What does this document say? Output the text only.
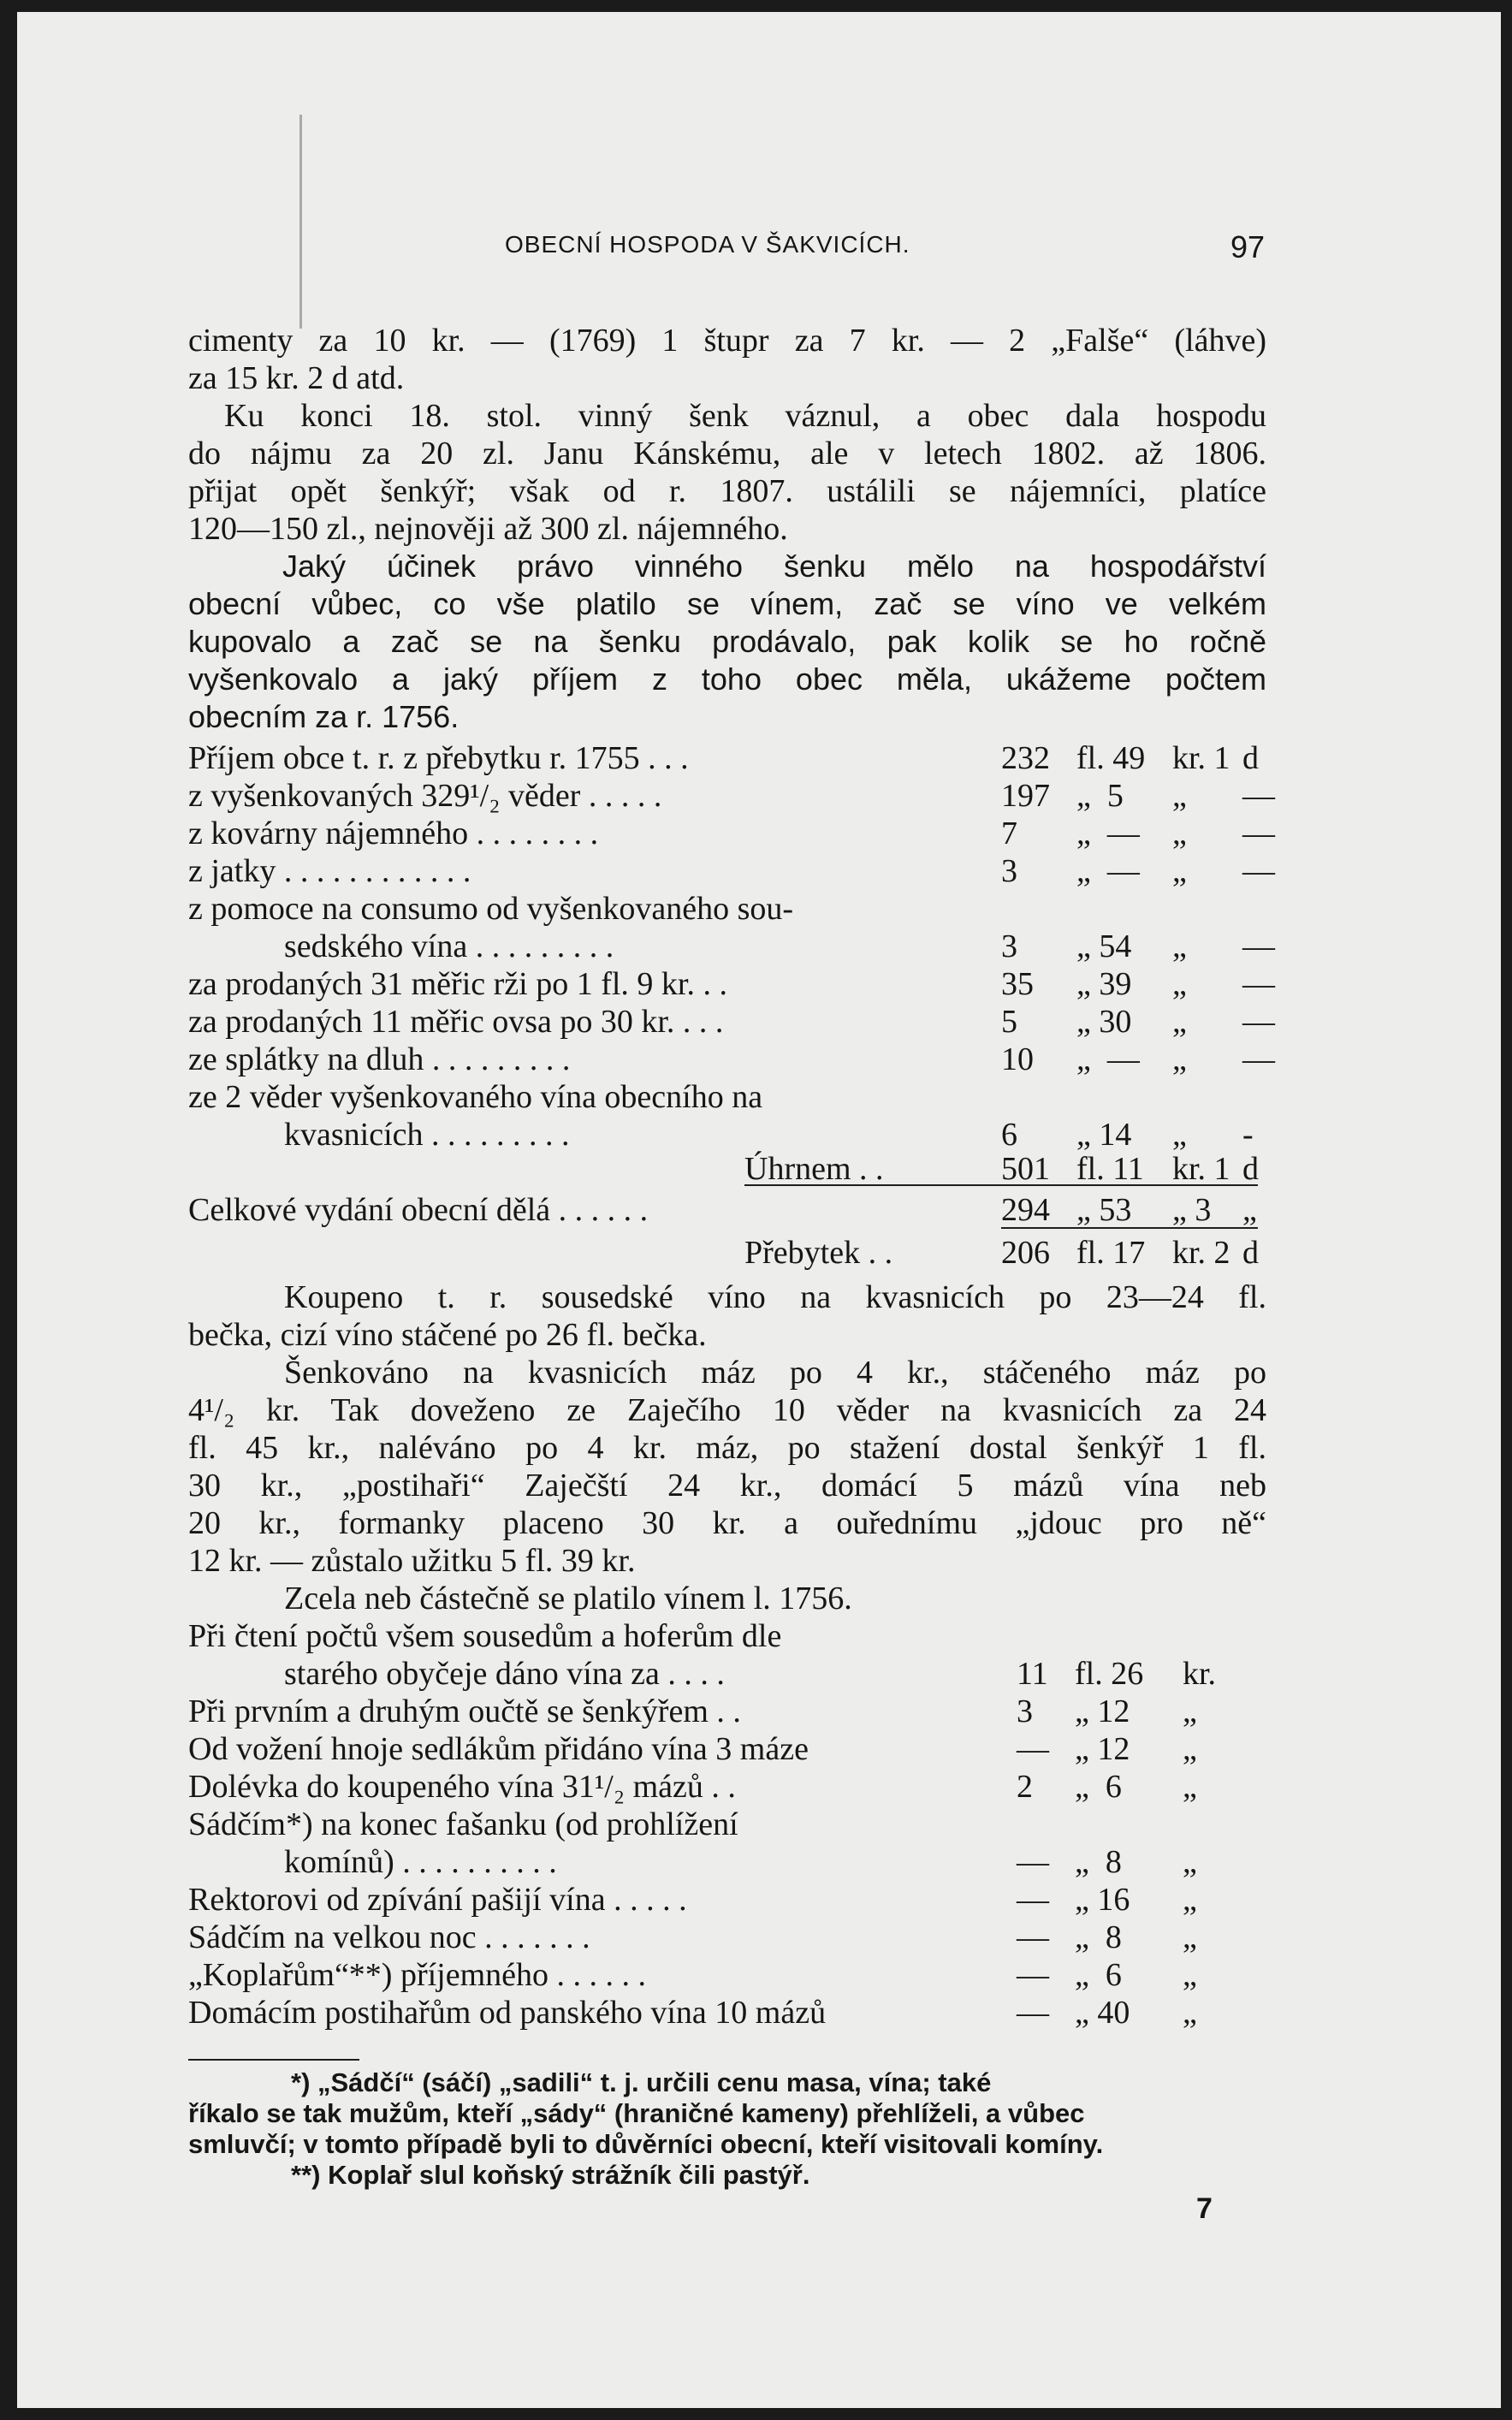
OBECNÍ HOSPODA V ŠAKVICÍCH.	97
cimenty za 10 kr. — (1769) 1 štupr za 7 kr. — 2 „Falše“ (láhve)
za 15 kr. 2 d atd.
Ku konci 18. stol. vinný šenk váznul, a obec dala hospodu
do nájmu za 20 zl. Janu Kánskému, ale v letech 1802. až 1806.
přijat opět šenkýř; však od r. 1807. ustálili se nájemníci, platíce
120—150 zl., nejnověji až 300 zl. nájemného.
Jaký účinek právo vinného šenku mělo na hospodářství
obecní vůbec, co vše platilo se vínem, zač se víno ve velkém
kupovalo a zač se na šenku prodávalo, pak kolik se ho ročně
vyšenkovalo a jaký příjem z toho obec měla, ukážeme počtem
obecním za r. 1756.
Příjem obce t. r. z přebytku r. 1755 . . .	232 fl. 49 kr. 1 d
z vyšenkovaných 329¹/₂ věder . . . . .	197 „  5 „ —
z kovárny nájemného . . . . . . . .	7 „  — „ —
z jatky . . . . . . . . . . . .	3 „  — „ —
z pomoce na consumo od vyšenkovaného sou-
sedského vína . . . . . . . . .	3 „ 54 „ —
za prodaných 31 měřic rži po 1 fl. 9 kr. . .	35 „ 39 „ —
za prodaných 11 měřic ovsa po 30 kr. . . .	5 „ 30 „ —
ze splátky na dluh . . . . . . . . .	10 „  — „ —
ze 2 věder vyšenkovaného vína obecního na
kvasnicích . . . . . . . . .	6 „ 14 „ -
Úhrnem . .	501 fl. 11 kr. 1 d
Celkové vydání obecní dělá . . . . . .	294 „ 53 „ 3 „
Přebytek . .	206 fl. 17 kr. 2 d
Koupeno t. r. sousedské víno na kvasnicích po 23—24 fl.
bečka, cizí víno stáčené po 26 fl. bečka.
Šenkováno na kvasnicích máz po 4 kr., stáčeného máz po
4¹/₂ kr. Tak doveženo ze Zaječího 10 věder na kvasnicích za 24
fl. 45 kr., nalévánо po 4 kr. máz, po stažení dostal šenkýř 1 fl.
30 kr., „postihaři“ Zaječští 24 kr., domácí 5 mázů vína neb
20 kr., formanky placeno 30 kr. a ouřednímu „jdouc pro ně“
12 kr. — zůstalo užitku 5 fl. 39 kr.
Zcela neb částečně se platilo vínem l. 1756.
Při čtení počtů všem sousedům a hoferům dle
starého obyčeje dáno vína za . . . .	11 fl. 26 kr.
Při prvním a druhým oučtě se šenkýřem . .	3 „ 12 „
Od vožení hnoje sedlákům přidáno vína 3 máze	— „ 12 „
Dolévka do koupeného vína 31¹/₂ mázů . .	2 „  6 „
Sádčím*) na konec fašanku (od prohlížení
komínů) . . . . . . . . . .	— „  8 „
Rektorovi od zpívání pašijí vína . . . . .	— „ 16 „
Sádčím na velkou noc . . . . . . .	— „  8 „
„Koplařům“**) příjemného . . . . . .	— „  6 „
Domácím postihařům od panského vína 10 mázů	— „ 40 „
*) „Sádčí“ (sáčí) „sadili“ t. j. určili cenu masa, vína; také
říkalo se tak mužům, kteří „sády“ (hraničné kameny) přehlíželi, a vůbec
smluvčí; v tomto případě byli to důvěrníci obecní, kteří visitovali komíny.
**) Koplař slul koňský strážník čili pastýř.
7
